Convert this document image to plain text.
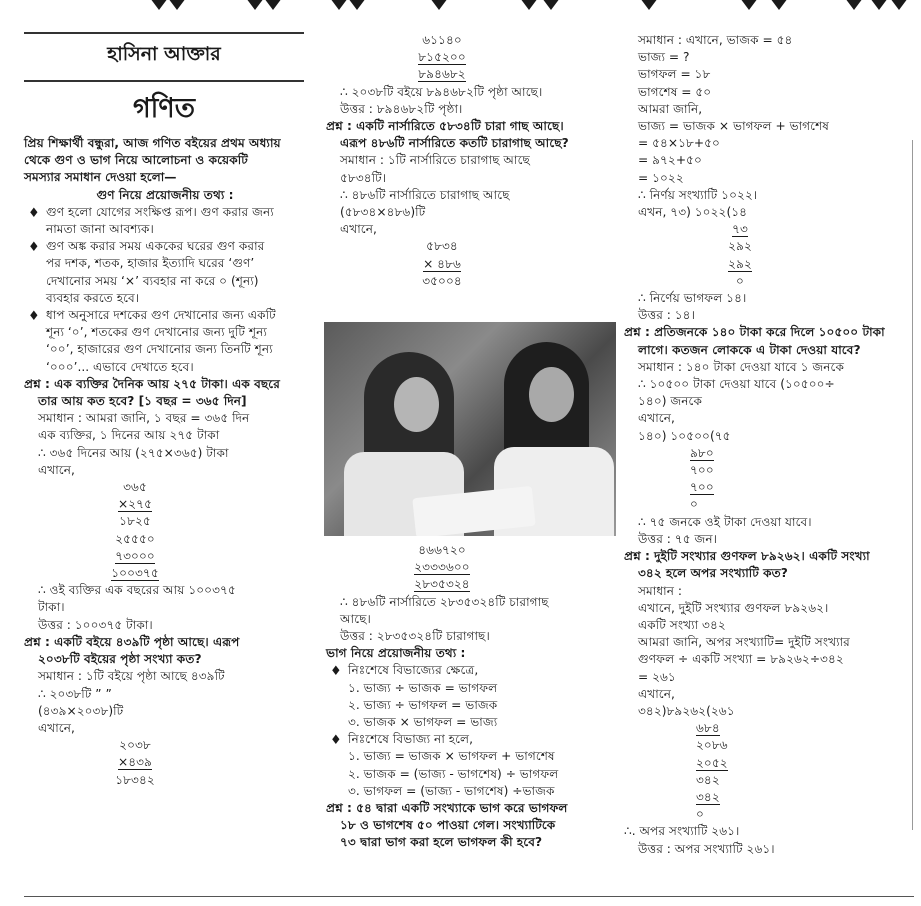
হাসিনা আক্তার
গণিত
প্রিয় শিক্ষার্থী বন্ধুরা, আজ গণিত বইয়ের প্রথম অধ্যায়
থেকে গুণ ও ভাগ নিয়ে আলোচনা ও কয়েকটি
সমস্যার সমাধান দেওয়া হলো—
গুণ নিয়ে প্রয়োজনীয় তথ্য :
♦ গুণ হলো যোগের সংক্ষিপ্ত রূপ। গুণ করার জন্য
নামতা জানা আবশ্যক।
♦ গুণ অঙ্ক করার সময় এককের ঘরের গুণ করার
পর দশক, শতক, হাজার ইত্যাদি ঘরের ‘গুণ’
দেখানোর সময় ‘×’ ব্যবহার না করে ০ (শূন্য)
ব্যবহার করতে হবে।
♦ ধাপ অনুসারে দশকের গুণ দেখানোর জন্য একটি
শূন্য ‘০’, শতকের গুণ দেখানোর জন্য দুটি শূন্য
‘০০’, হাজারের গুণ দেখানোর জন্য তিনটি শূন্য
‘০০০’... এভাবে দেখাতে হবে।
প্রশ্ন : এক ব্যক্তির দৈনিক আয় ২৭৫ টাকা। এক বছরে
তার আয় কত হবে? [১ বছর = ৩৬৫ দিন]
সমাধান : আমরা জানি, ১ বছর = ৩৬৫ দিন
এক ব্যক্তির, ১ দিনের আয় ২৭৫ টাকা
∴ ৩৬৫ দিনের আয় (২৭৫×৩৬৫) টাকা
এখানে,
৩৬৫
×২৭৫
১৮২৫
২৫৫৫০
৭৩০০০
১০০৩৭৫
∴ ওই ব্যক্তির এক বছরের আয় ১০০৩৭৫
টাকা।
উত্তর : ১০০৩৭৫ টাকা।
প্রশ্ন : একটি বইয়ে ৪৩৯টি পৃষ্ঠা আছে। এরূপ
২০৩৮টি বইয়ের পৃষ্ঠা সংখ্যা কত?
সমাধান : ১টি বইয়ে পৃষ্ঠা আছে ৪৩৯টি
∴ ২০৩৮টি ” ”
(৪৩৯×২০৩৮)টি
এখানে,
২০৩৮
×৪৩৯
১৮৩৪২
৬১১৪০
৮১৫২০০
৮৯৪৬৮২
∴ ২০৩৮টি বইয়ে ৮৯৪৬৮২টি পৃষ্ঠা আছে।
উত্তর : ৮৯৪৬৮২টি পৃষ্ঠা।
প্রশ্ন : একটি নার্সারিতে ৫৮৩৪টি চারা গাছ আছে।
এরূপ ৪৮৬টি নার্সারিতে কতটি চারাগাছ আছে?
সমাধান : ১টি নার্সারিতে চারাগাছ আছে
৫৮৩৪টি।
∴ ৪৮৬টি নার্সারিতে চারাগাছ আছে
(৫৮৩৪×৪৮৬)টি
এখানে,
৫৮৩৪
× ৪৮৬
৩৫০০৪
৪৬৬৭২০
২৩৩৩৬০০
২৮৩৫৩২৪
∴ ৪৮৬টি নার্সারিতে ২৮৩৫৩২৪টি চারাগাছ
আছে।
উত্তর : ২৮৩৫৩২৪টি চারাগাছ।
ভাগ নিয়ে প্রয়োজনীয় তথ্য :
♦ নিঃশেষে বিভাজ্যের ক্ষেত্রে,
১. ভাজ্য ÷ ভাজক = ভাগফল
২. ভাজ্য ÷ ভাগফল = ভাজক
৩. ভাজক × ভাগফল = ভাজ্য
♦ নিঃশেষে বিভাজ্য না হলে,
১. ভাজ্য = ভাজক × ভাগফল + ভাগশেষ
২. ভাজক = (ভাজ্য - ভাগশেষ) ÷ ভাগফল
৩. ভাগফল = (ভাজ্য - ভাগশেষ) ÷ভাজক
প্রশ্ন : ৫৪ দ্বারা একটি সংখ্যাকে ভাগ করে ভাগফল
১৮ ও ভাগশেষ ৫০ পাওয়া গেল। সংখ্যাটিকে
৭৩ দ্বারা ভাগ করা হলে ভাগফল কী হবে?
সমাধান : এখানে, ভাজক = ৫৪
ভাজ্য = ?
ভাগফল = ১৮
ভাগশেষ = ৫০
আমরা জানি,
ভাজ্য = ভাজক × ভাগফল + ভাগশেষ
= ৫৪×১৮+৫০
= ৯৭২+৫০
= ১০২২
∴ নির্ণয় সংখ্যাটি ১০২২।
এখন, ৭৩) ১০২২(১৪
৭৩
২৯২
২৯২
০
∴ নির্ণেয় ভাগফল ১৪।
উত্তর : ১৪।
প্রশ্ন : প্রতিজনকে ১৪০ টাকা করে দিলে ১০৫০০ টাকা
লাগে। কতজন লোককে এ টাকা দেওয়া যাবে?
সমাধান : ১৪০ টাকা দেওয়া যাবে ১ জনকে
∴ ১০৫০০ টাকা দেওয়া যাবে (১০৫০০÷
১৪০) জনকে
এখানে,
১৪০) ১০৫০০(৭৫
৯৮০
৭০০
৭০০
০
∴ ৭৫ জনকে ওই টাকা দেওয়া যাবে।
উত্তর : ৭৫ জন।
প্রশ্ন : দুইটি সংখ্যার গুণফল ৮৯২৬২। একটি সংখ্যা
৩৪২ হলে অপর সংখ্যাটি কত?
সমাধান :
এখানে, দুইটি সংখ্যার গুণফল ৮৯২৬২।
একটি সংখ্যা ৩৪২
আমরা জানি, অপর সংখ্যাটি= দুইটি সংখ্যার
গুণফল ÷ একটি সংখ্যা = ৮৯২৬২÷৩৪২
= ২৬১
এখানে,
৩৪২)৮৯২৬২(২৬১
৬৮৪
২০৮৬
২০৫২
৩৪২
৩৪২
০
∴. অপর সংখ্যাটি ২৬১।
উত্তর : অপর সংখ্যাটি ২৬১।
